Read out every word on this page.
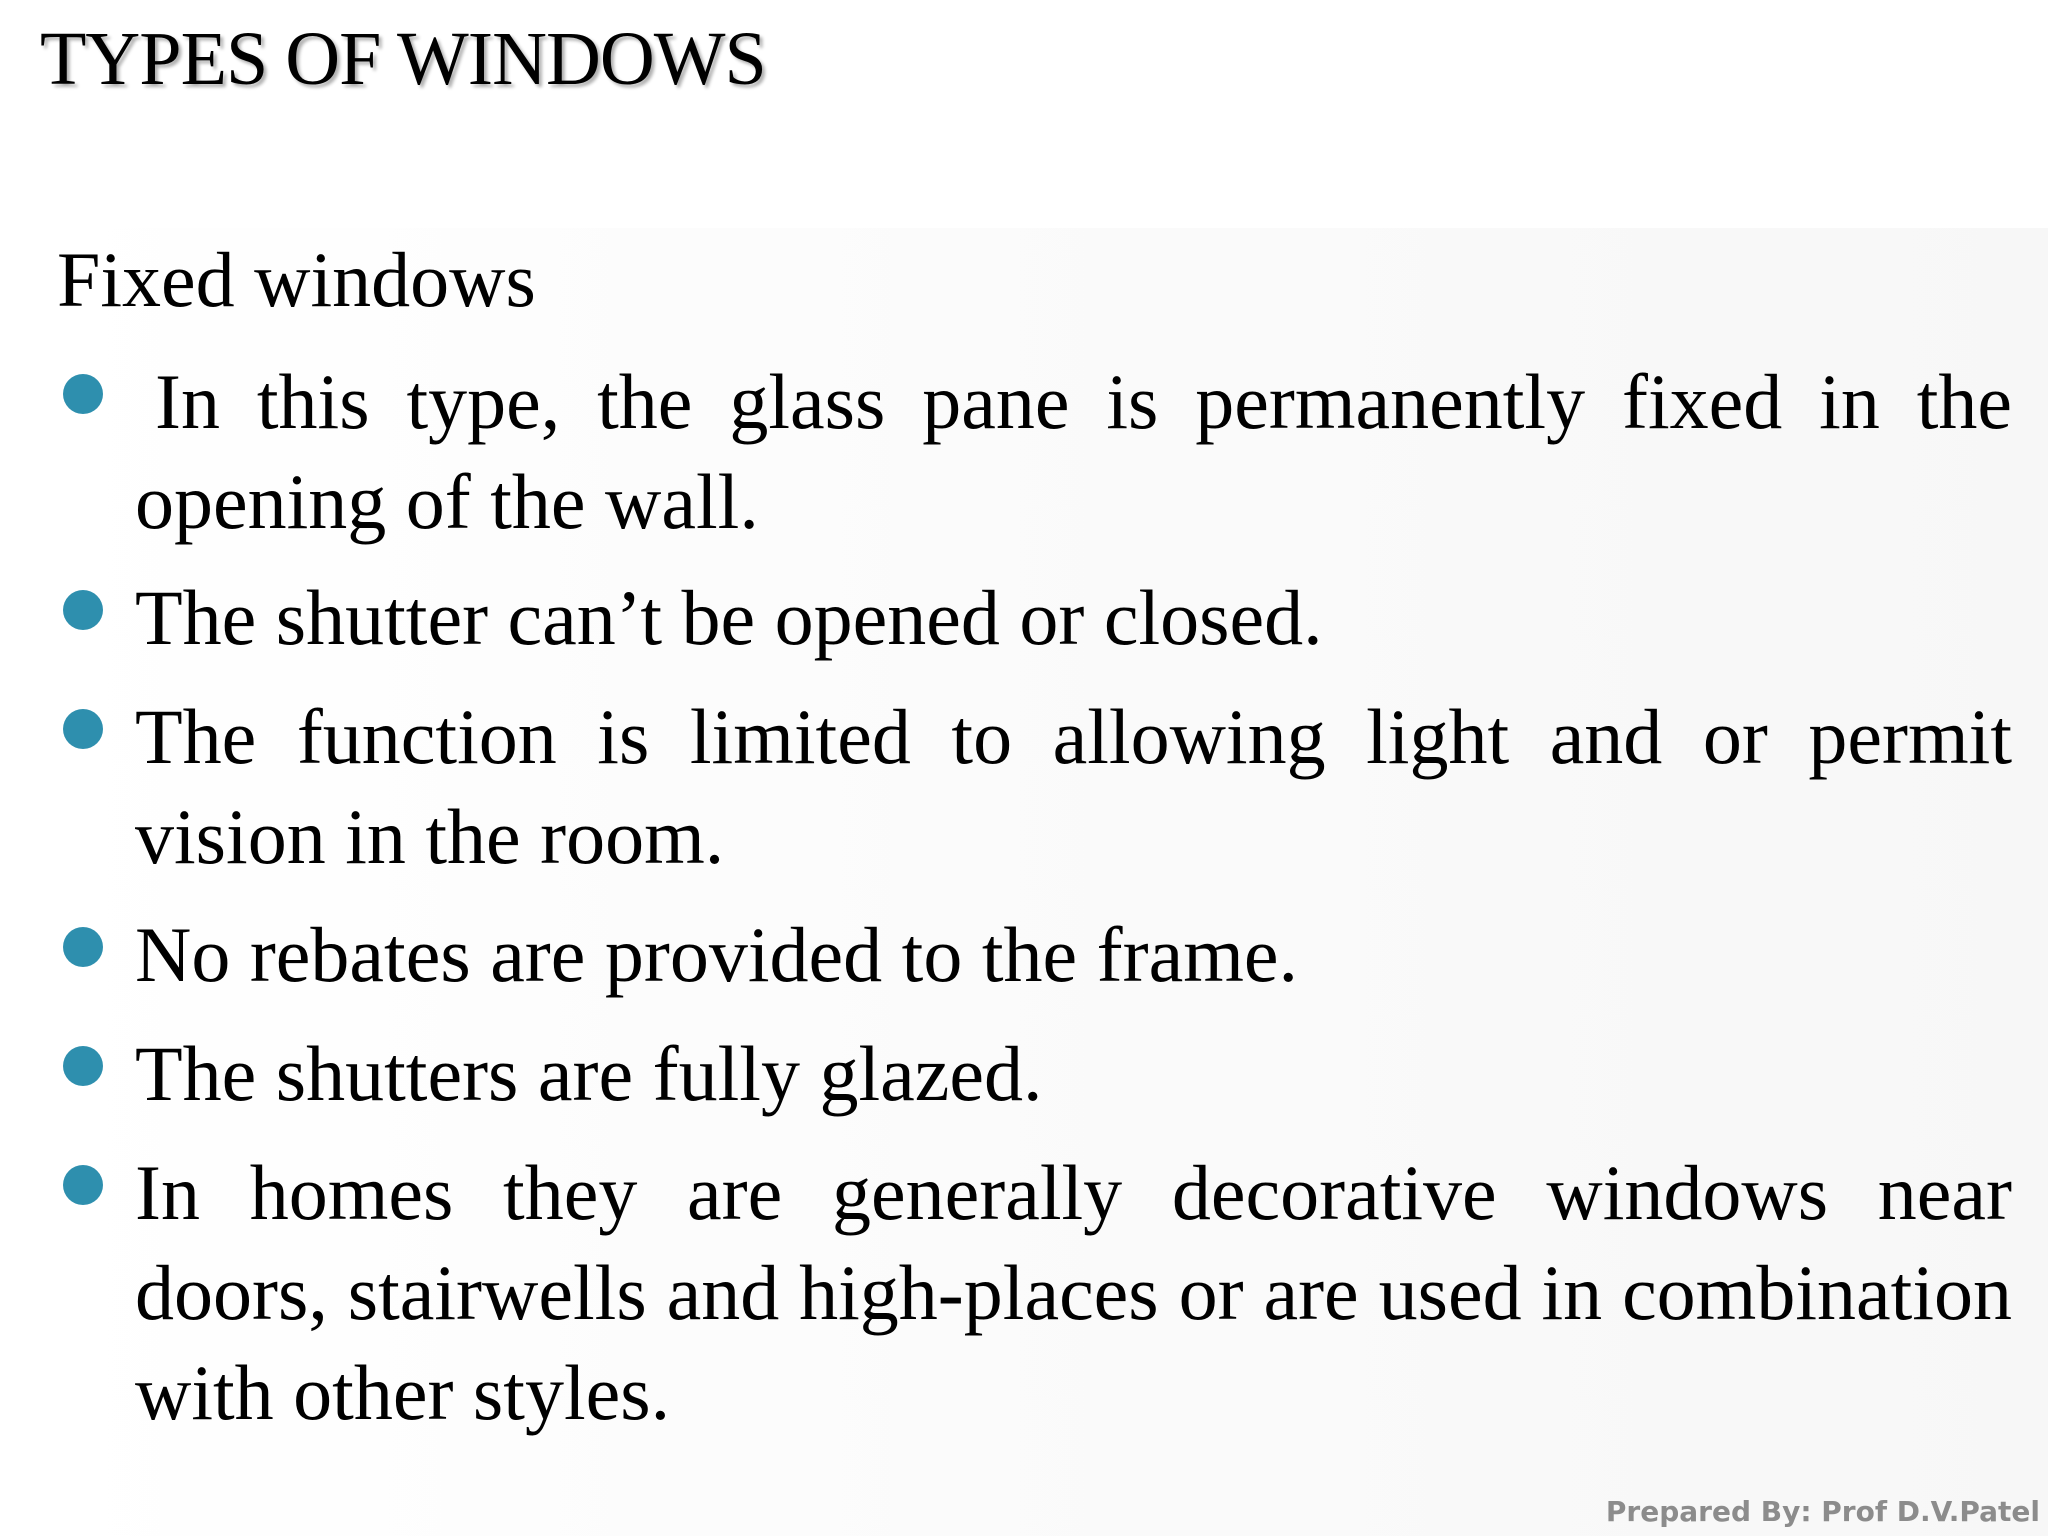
TYPES OF WINDOWS
Fixed windows
In this type, the glass pane is permanently fixed in the opening of the wall.
The shutter can’t be opened or closed.
The function is limited to allowing light and or permit vision in the room.
No rebates are provided to the frame.
The shutters are fully glazed.
In homes they are generally decorative windows near doors, stairwells and high-places or are used in combination with other styles.

Prepared By: Prof D.V.Patel
